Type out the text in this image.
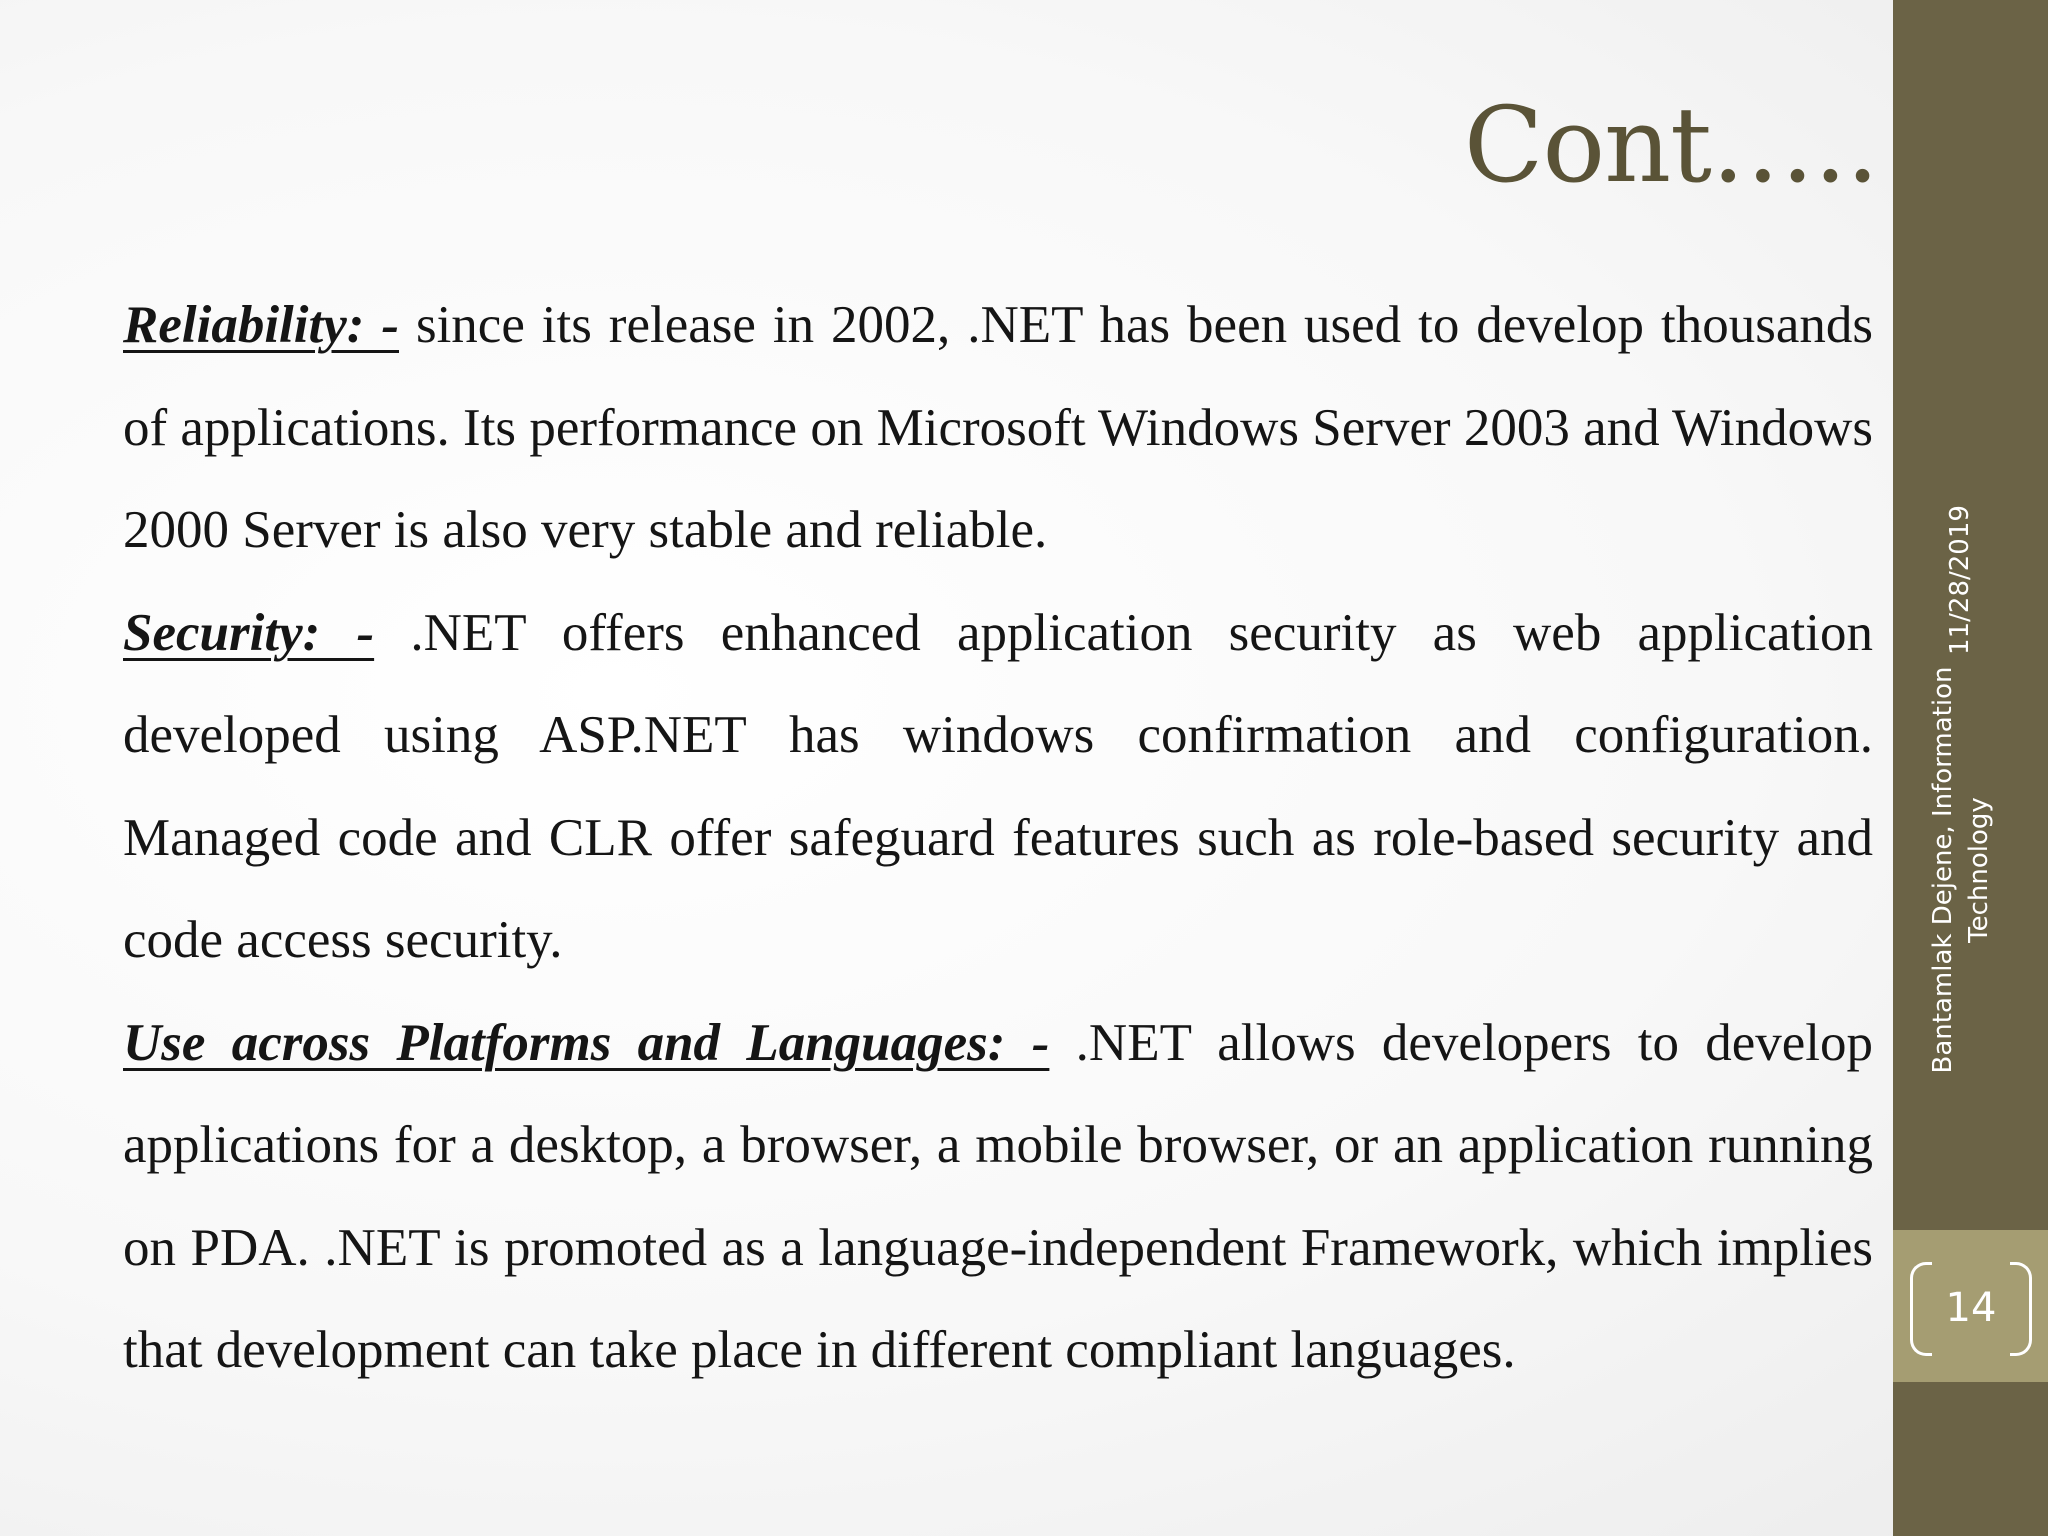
Cont…..

Reliability: - since its release in 2002, .NET has been used to develop thousands of applications. Its performance on Microsoft Windows Server 2003 and Windows 2000 Server is also very stable and reliable.

Security: - .NET offers enhanced application security as web application developed using ASP.NET has windows confirmation and configuration. Managed code and CLR offer safeguard features such as role-based security and code access security.

Use across Platforms and Languages: - .NET allows developers to develop applications for a desktop, a browser, a mobile browser, or an application running on PDA. .NET is promoted as a language-independent Framework, which implies that development can take place in different compliant languages.

11/28/2019
Bantamlak Dejene, Information Technology
14
